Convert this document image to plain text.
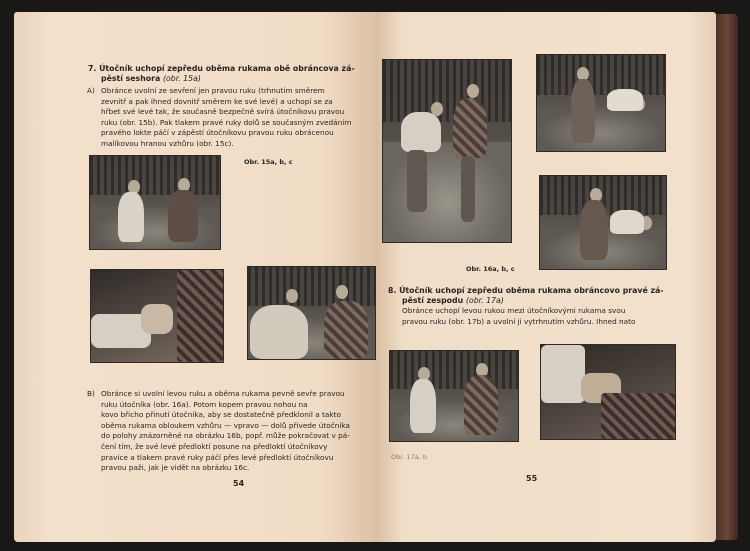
7. Útočník uchopí zepředu oběma rukama obě obráncova zá-
pěstí seshora (obr. 15a)
A) Obránce uvolní ze sevření jen pravou ruku (trhnutím směrem
zevnitř a pak ihned dovnitř směrem ke své levé) a uchopí se za
hřbet své levé tak, že současně bezpečně svírá útočníkovu pravou
ruku (obr. 15b). Pak tlakem pravé ruky dolů se současným zvedáním
pravého lokte páčí v zápěstí útočníkovu pravou ruku obrácenou
malíkovou hranou vzhůru (obr. 15c).
Obr. 15a, b, c
B) Obránce si uvolní levou ruku a oběma rukama pevně sevře pravou
ruku útočníka (obr. 16a). Potom kopem pravou nohou na
kovo břicho přinutí útočníka, aby se dostatečně předklonil a takto
oběma rukama obloukem vzhůru — vpravo — dolů přivede útočníka
do polohy znázorněné na obrázku 16b, popř. může pokračovat v pá-
čení tím, že své levé předloktí posune na předloktí útočníkovy
pravice a tlakem pravé ruky páčí přes levé předloktí útočníkovu
pravou paži, jak je vidět na obrázku 16c.
54
Obr. 16a, b, c
8. Útočník uchopí zepředu oběma rukama obráncovo pravé zá-
pěstí zespodu (obr. 17a)
Obránce uchopí levou rukou mezi útočníkovými rukama svou
pravou ruku (obr. 17b) a uvolní ji vytrhnutím vzhůru. Ihned nato
Obr. 17a, b
55
